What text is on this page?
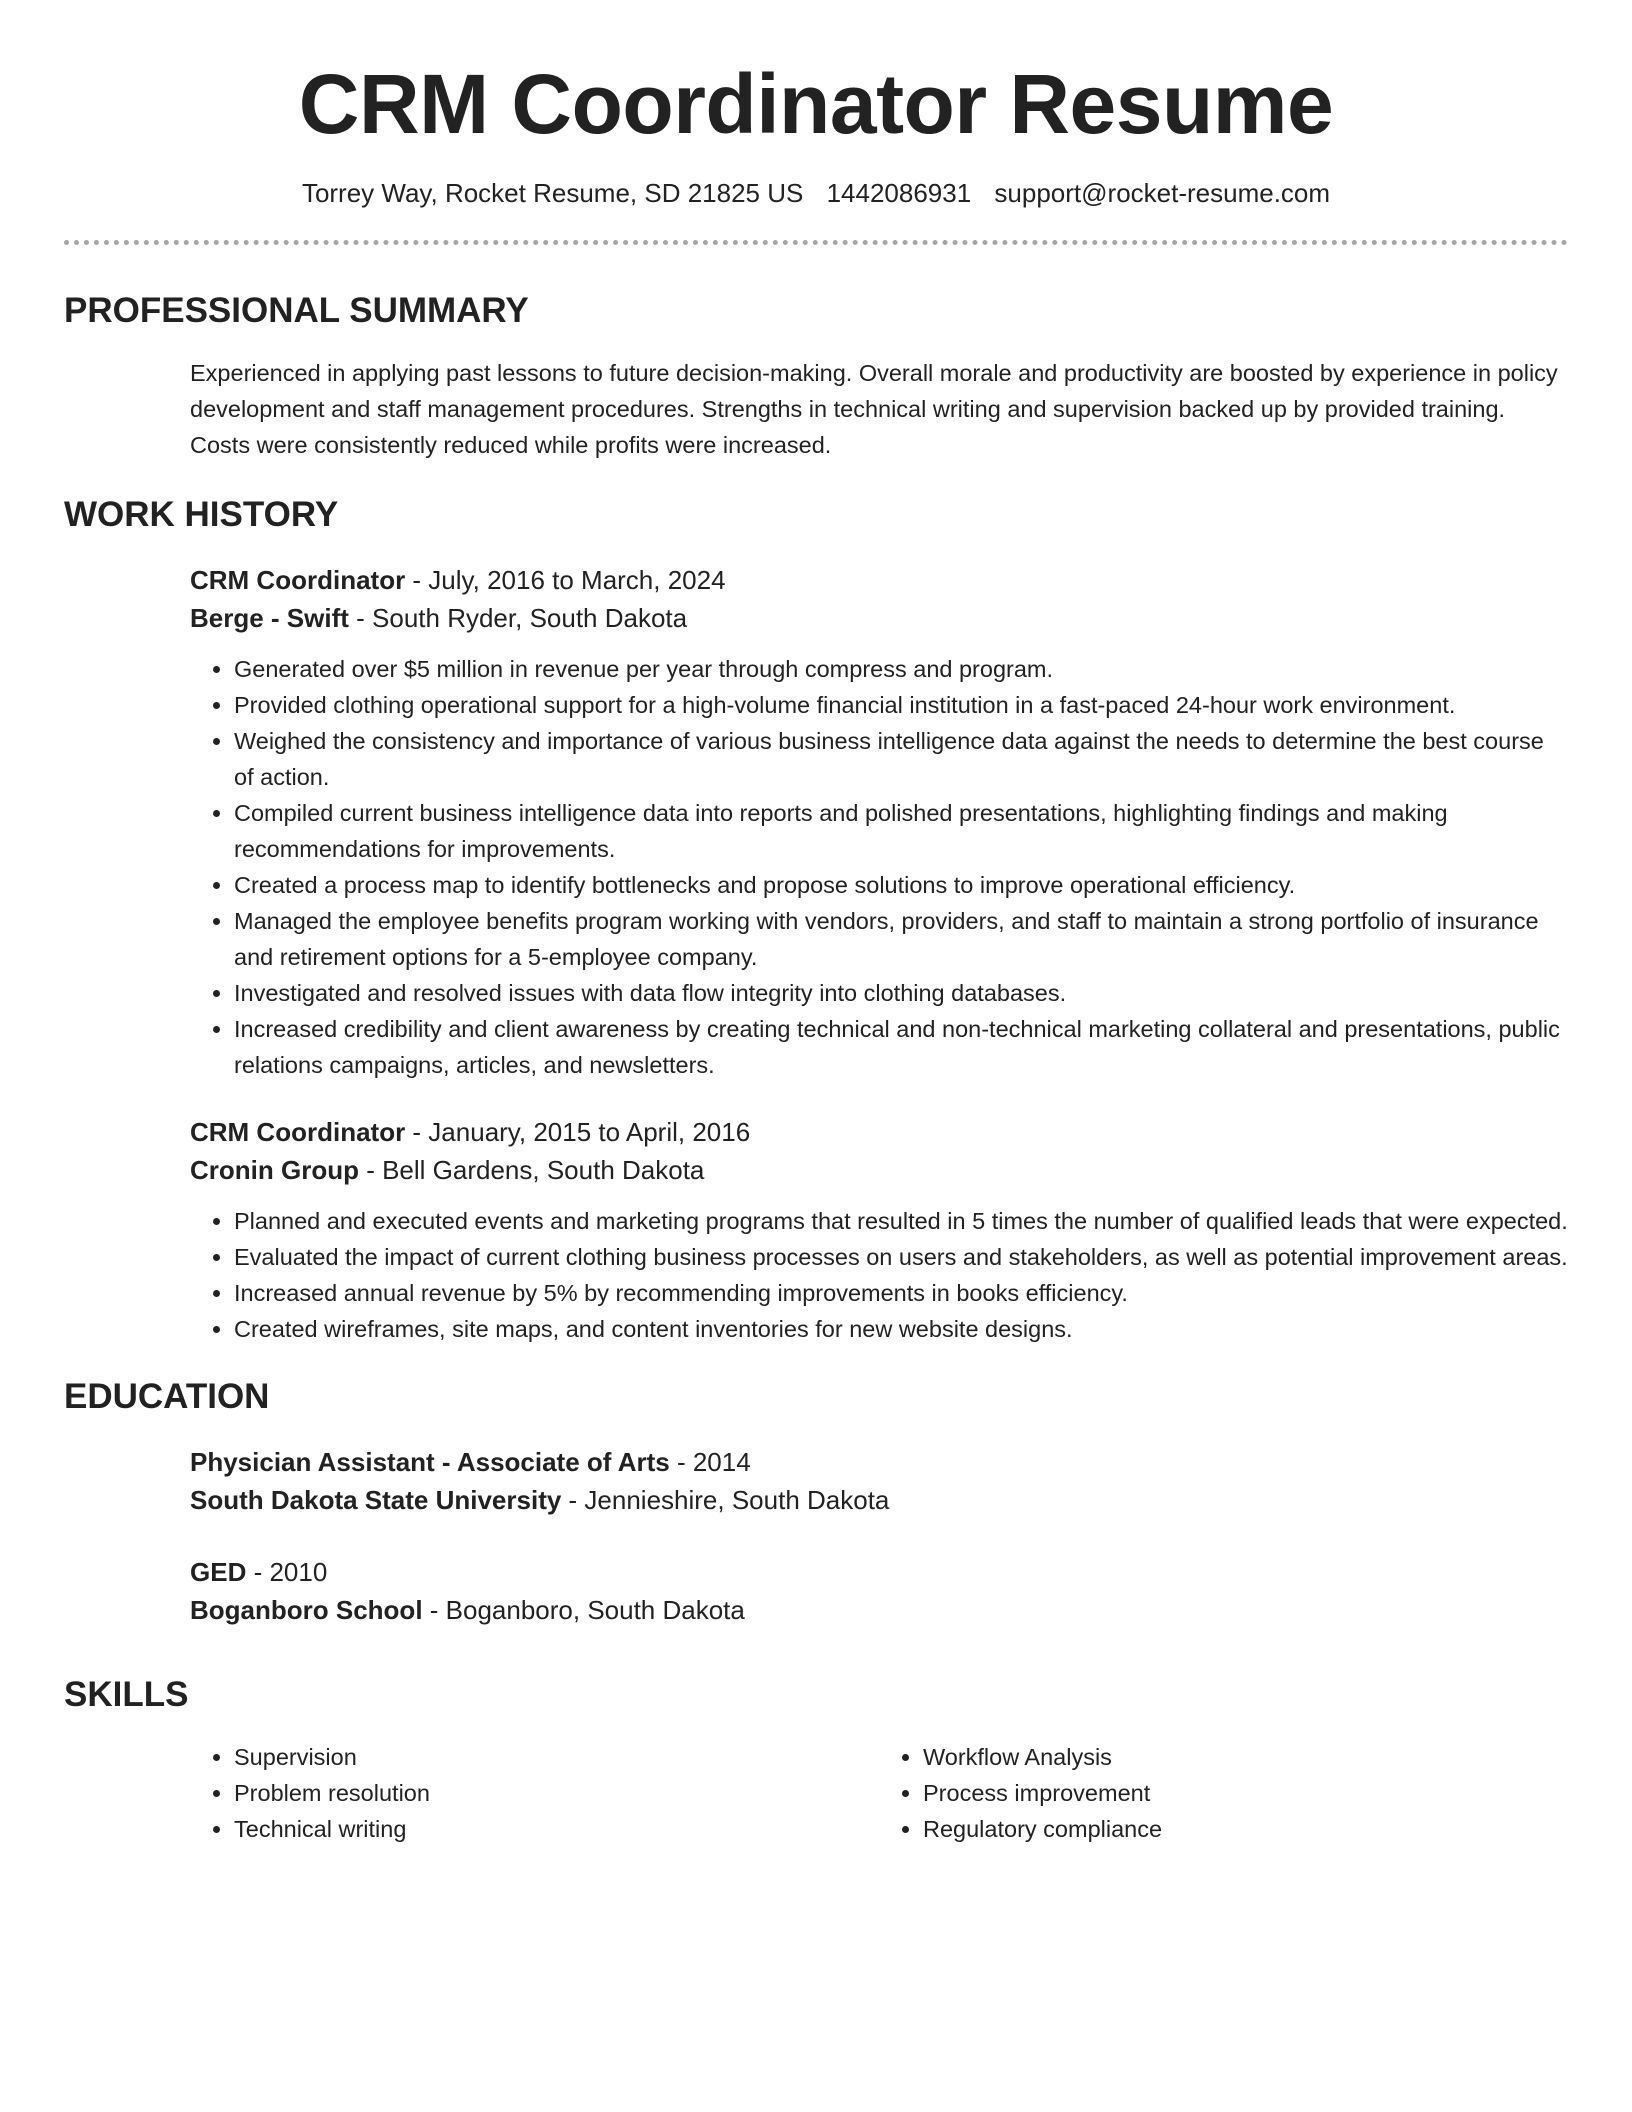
CRM Coordinator Resume
Torrey Way, Rocket Resume, SD 21825 US 1442086931 support@rocket-resume.com
PROFESSIONAL SUMMARY
Experienced in applying past lessons to future decision-making. Overall morale and productivity are boosted by experience in policy development and staff management procedures. Strengths in technical writing and supervision backed up by provided training. Costs were consistently reduced while profits were increased.
WORK HISTORY
CRM Coordinator - July, 2016 to March, 2024
Berge - Swift - South Ryder, South Dakota
• Generated over $5 million in revenue per year through compress and program.
• Provided clothing operational support for a high-volume financial institution in a fast-paced 24-hour work environment.
• Weighed the consistency and importance of various business intelligence data against the needs to determine the best course of action.
• Compiled current business intelligence data into reports and polished presentations, highlighting findings and making recommendations for improvements.
• Created a process map to identify bottlenecks and propose solutions to improve operational efficiency.
• Managed the employee benefits program working with vendors, providers, and staff to maintain a strong portfolio of insurance and retirement options for a 5-employee company.
• Investigated and resolved issues with data flow integrity into clothing databases.
• Increased credibility and client awareness by creating technical and non-technical marketing collateral and presentations, public relations campaigns, articles, and newsletters.
CRM Coordinator - January, 2015 to April, 2016
Cronin Group - Bell Gardens, South Dakota
• Planned and executed events and marketing programs that resulted in 5 times the number of qualified leads that were expected.
• Evaluated the impact of current clothing business processes on users and stakeholders, as well as potential improvement areas.
• Increased annual revenue by 5% by recommending improvements in books efficiency.
• Created wireframes, site maps, and content inventories for new website designs.
EDUCATION
Physician Assistant - Associate of Arts - 2014
South Dakota State University - Jennieshire, South Dakota
GED - 2010
Boganboro School - Boganboro, South Dakota
SKILLS
• Supervision
• Problem resolution
• Technical writing
• Workflow Analysis
• Process improvement
• Regulatory compliance
